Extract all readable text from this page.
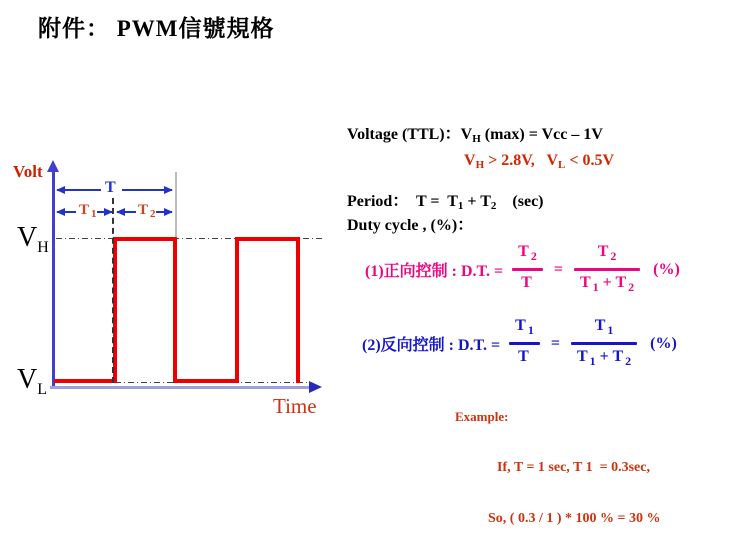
附件： PWM信號規格
Volt
Time
$V_H$
$V_L$
T
T $_1$	T $_2$
Voltage (TTL)：$V_H$ (max) = Vcc – 1V
$V_H > 2.8V$,   $V_L < 0.5V$
Period：  $T = T_1 + T_2$    (sec)
Duty cycle , (%)：
(1)正向控制 : D.T. = $\frac{T _2}{T} = \frac{T _2}{T _1 + T _2}$ (%)
(2)反向控制 : D.T. = $\frac{T _1}{T} = \frac{T _1}{T _1 + T _2}$ (%)

Example:

If, T = 1 sec, T 1  = 0.3sec,

So, ( 0.3 / 1 ) * 100 % = 30 %
